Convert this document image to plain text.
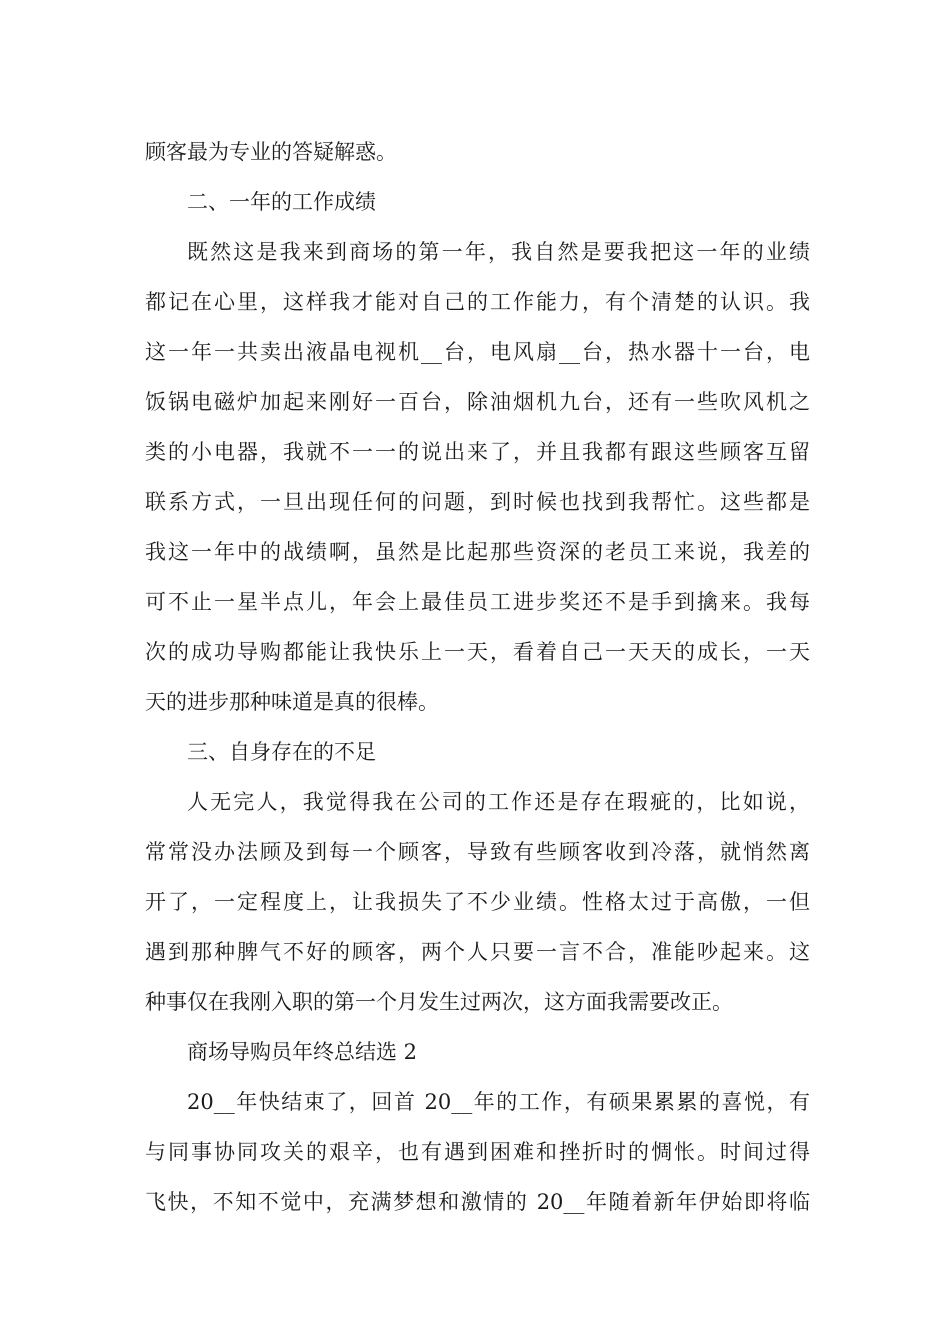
顾客最为专业的答疑解惑。
二、一年的工作成绩
既然这是我来到商场的第一年，我自然是要我把这一年的业绩
都记在心里，这样我才能对自己的工作能力，有个清楚的认识。我
这一年一共卖出液晶电视机__台，电风扇__台，热水器十一台，电
饭锅电磁炉加起来刚好一百台，除油烟机九台，还有一些吹风机之
类的小电器，我就不一一的说出来了，并且我都有跟这些顾客互留
联系方式，一旦出现任何的问题，到时候也找到我帮忙。这些都是
我这一年中的战绩啊，虽然是比起那些资深的老员工来说，我差的
可不止一星半点儿，年会上最佳员工进步奖还不是手到擒来。我每
次的成功导购都能让我快乐上一天，看着自己一天天的成长，一天
天的进步那种味道是真的很棒。
三、自身存在的不足
人无完人，我觉得我在公司的工作还是存在瑕疵的，比如说，
常常没办法顾及到每一个顾客，导致有些顾客收到冷落，就悄然离
开了，一定程度上，让我损失了不少业绩。性格太过于高傲，一但
遇到那种脾气不好的顾客，两个人只要一言不合，准能吵起来。这
种事仅在我刚入职的第一个月发生过两次，这方面我需要改正。
商场导购员年终总结选 2
20__年快结束了，回首 20__年的工作，有硕果累累的喜悦，有
与同事协同攻关的艰辛，也有遇到困难和挫折时的惆怅。时间过得
飞快，不知不觉中，充满梦想和激情的 20__年随着新年伊始即将临
